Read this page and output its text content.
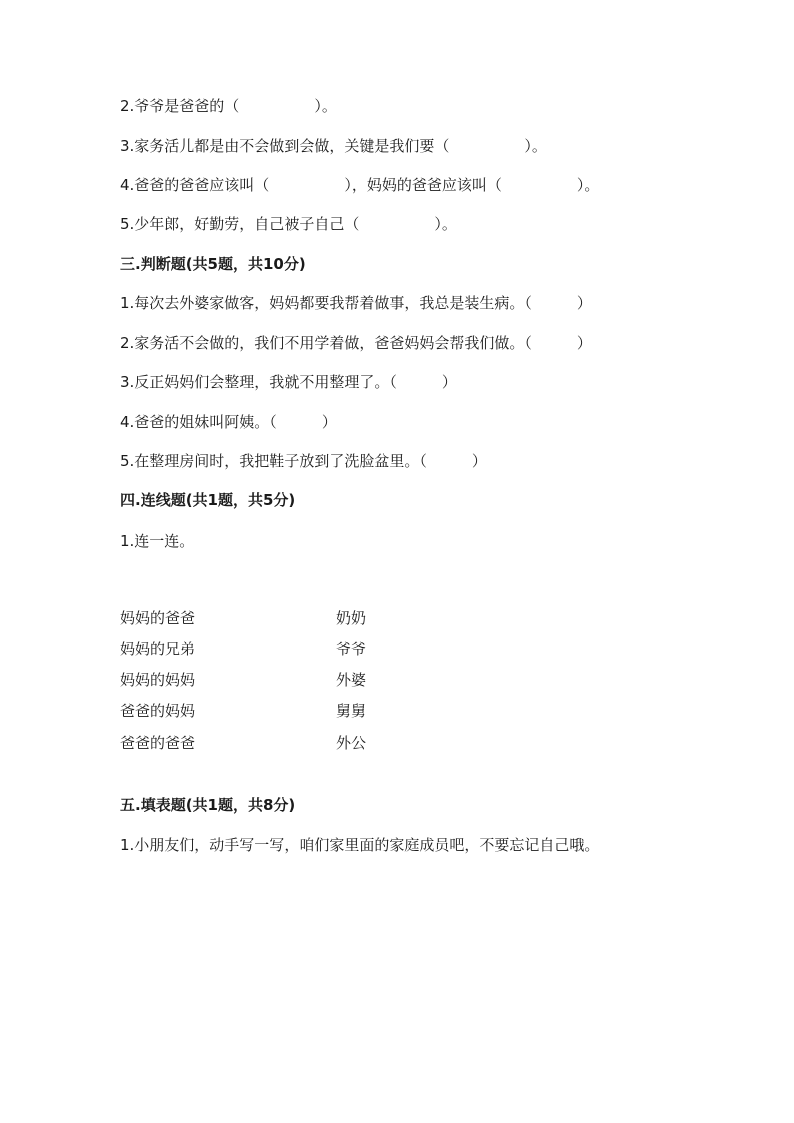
2.爷爷是爸爸的（　　　　　）。
3.家务活儿都是由不会做到会做，关键是我们要（　　　　　）。
4.爸爸的爸爸应该叫（　　　　　），妈妈的爸爸应该叫（　　　　　）。
5.少年郎，好勤劳，自己被子自己（　　　　　）。
三.判断题(共5题，共10分)
1.每次去外婆家做客，妈妈都要我帮着做事，我总是装生病。（　　　）
2.家务活不会做的，我们不用学着做，爸爸妈妈会帮我们做。（　　　）
3.反正妈妈们会整理，我就不用整理了。（　　　）
4.爸爸的姐妹叫阿姨。（　　　）
5.在整理房间时，我把鞋子放到了洗脸盆里。（　　　）
四.连线题(共1题，共5分)
1.连一连。
妈妈的爸爸
妈妈的兄弟
妈妈的妈妈
爸爸的妈妈
爸爸的爸爸
奶奶
爷爷
外婆
舅舅
外公
五.填表题(共1题，共8分)
1.小朋友们，动手写一写，咱们家里面的家庭成员吧，不要忘记自己哦。
